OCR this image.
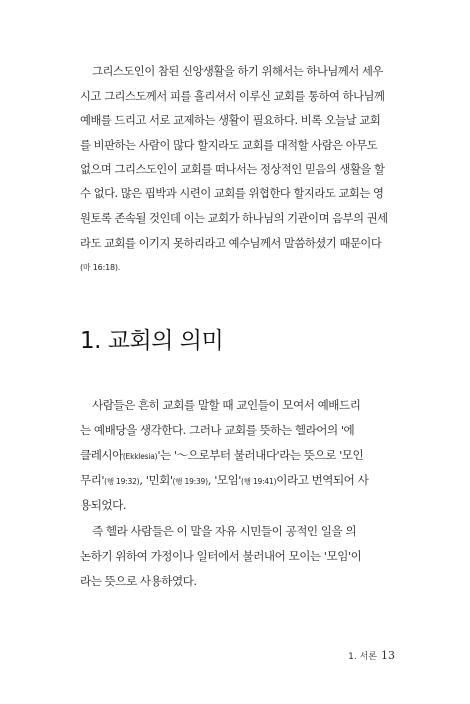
그리스도인이 참된 신앙생활을 하기 위해서는 하나님께서 세우
시고 그리스도께서 피를 흘리셔서 이루신 교회를 통하여 하나님께
예배를 드리고 서로 교제하는 생활이 필요하다. 비록 오늘날 교회
를 비판하는 사람이 많다 할지라도 교회를 대적할 사람은 아무도
없으며 그리스도인이 교회를 떠나서는 정상적인 믿음의 생활을 할
수 없다. 많은 핍박과 시련이 교회를 위협한다 할지라도 교회는 영
원토록 존속될 것인데 이는 교회가 하나님의 기관이며 음부의 권세
라도 교회를 이기지 못하리라고 예수님께서 말씀하셨기 때문이다
(마 16:18).
1. 교회의 의미
사람들은 흔히 교회를 말할 때 교인들이 모여서 예배드리
는 예배당을 생각한다. 그러나 교회를 뜻하는 헬라어의 '에
클레시아(Ekklesia)'는 '～으로부터 불러내다'라는 뜻으로 '모인
무리'(행 19:32), '민회'(행 19:39), '모임'(행 19:41)이라고 번역되어 사
용되었다.
즉 헬라 사람들은 이 말을 자유 시민들이 공적인 일을 의
논하기 위하여 가정이나 일터에서 불러내어 모이는 '모임'이
라는 뜻으로 사용하였다.
1. 서론 13
